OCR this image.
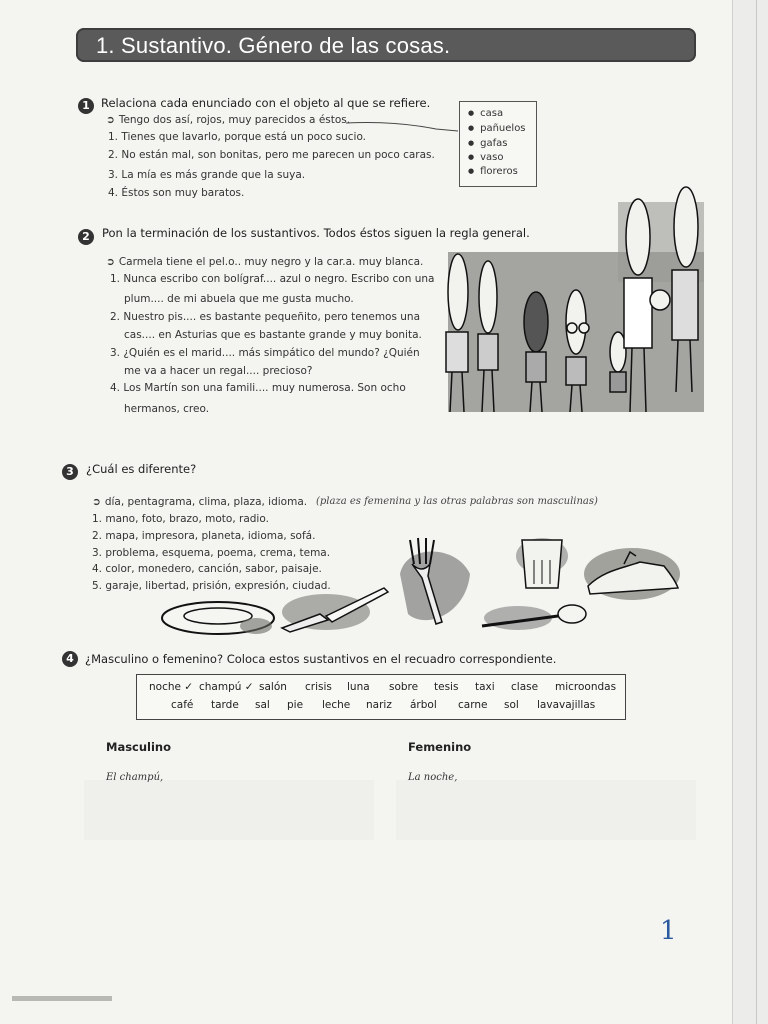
1. Sustantivo. Género de las cosas.
1 Relaciona cada enunciado con el objeto al que se refiere.
➲ Tengo dos así, rojos, muy parecidos a éstos.
1. Tienes que lavarlo, porque está un poco sucio.
2. No están mal, son bonitas, pero me parecen un poco caras.
3. La mía es más grande que la suya.
4. Éstos son muy baratos.
● casa
● pañuelos
● gafas
● vaso
● floreros
2	Pon la terminación de los sustantivos. Todos éstos siguen la regla general.
➲ Carmela tiene el pel.o.. muy negro y la car.a. muy blanca.
1. Nunca escribo con bolígraf.... azul o negro. Escribo con una
plum.... de mi abuela que me gusta mucho.
2. Nuestro pis.... es bastante pequeñito, pero tenemos una
cas.... en Asturias que es bastante grande y muy bonita.
3. ¿Quién es el marid.... más simpático del mundo? ¿Quién
me va a hacer un regal.... precioso?
4. Los Martín son una famili.... muy numerosa. Son ocho
hermanos, creo.
3	¿Cuál es diferente?
➲ día, pentagrama, clima, plaza, idioma. (plaza es femenina y las otras palabras son masculinas)
1. mano, foto, brazo, moto, radio.
2. mapa, impresora, planeta, idioma, sofá.
3. problema, esquema, poema, crema, tema.
4. color, monedero, canción, sabor, paisaje.
5. garaje, libertad, prisión, expresión, ciudad.
4 ¿Masculino o femenino? Coloca estos sustantivos en el recuadro correspondiente.
noche ✓ champú ✓ salón crisis luna sobre tesis taxi clase microondas
café tarde sal pie leche nariz árbol carne sol lavavajillas
Masculino	Femenino
El champú,	La noche,
1
